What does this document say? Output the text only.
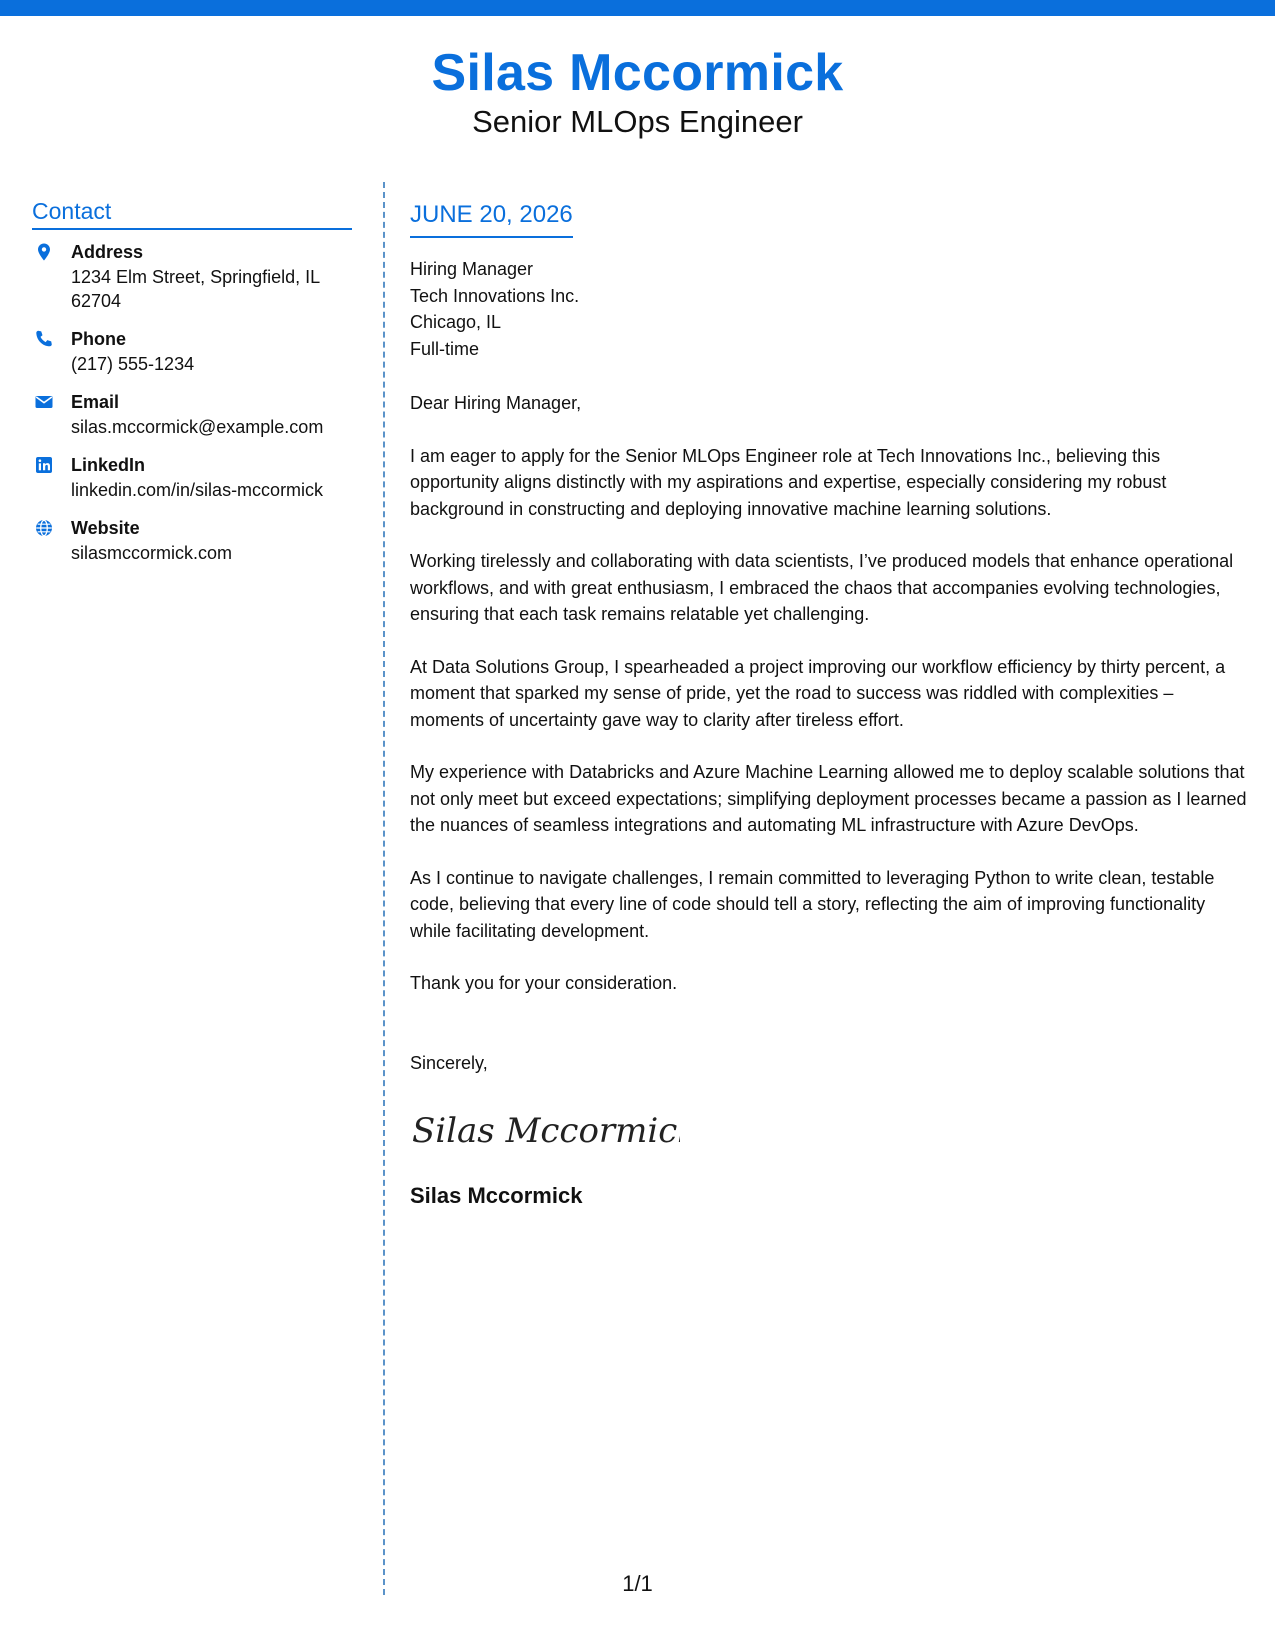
Silas Mccormick
Senior MLOps Engineer
Contact
Address
1234 Elm Street, Springfield, IL 62704
Phone
(217) 555-1234
Email
silas.mccormick@example.com
LinkedIn
linkedin.com/in/silas-mccormick
Website
silasmccormick.com
JUNE 20, 2026
Hiring Manager
Tech Innovations Inc.
Chicago, IL
Full-time
Dear Hiring Manager,
I am eager to apply for the Senior MLOps Engineer role at Tech Innovations Inc., believing this opportunity aligns distinctly with my aspirations and expertise, especially considering my robust background in constructing and deploying innovative machine learning solutions.
Working tirelessly and collaborating with data scientists, I’ve produced models that enhance operational workflows, and with great enthusiasm, I embraced the chaos that accompanies evolving technologies, ensuring that each task remains relatable yet challenging.
At Data Solutions Group, I spearheaded a project improving our workflow efficiency by thirty percent, a moment that sparked my sense of pride, yet the road to success was riddled with complexities – moments of uncertainty gave way to clarity after tireless effort.
My experience with Databricks and Azure Machine Learning allowed me to deploy scalable solutions that not only meet but exceed expectations; simplifying deployment processes became a passion as I learned the nuances of seamless integrations and automating ML infrastructure with Azure DevOps.
As I continue to navigate challenges, I remain committed to leveraging Python to write clean, testable code, believing that every line of code should tell a story, reflecting the aim of improving functionality while facilitating development.
Thank you for your consideration.
Sincerely,
Silas Mccormick
Silas Mccormick
1/1
